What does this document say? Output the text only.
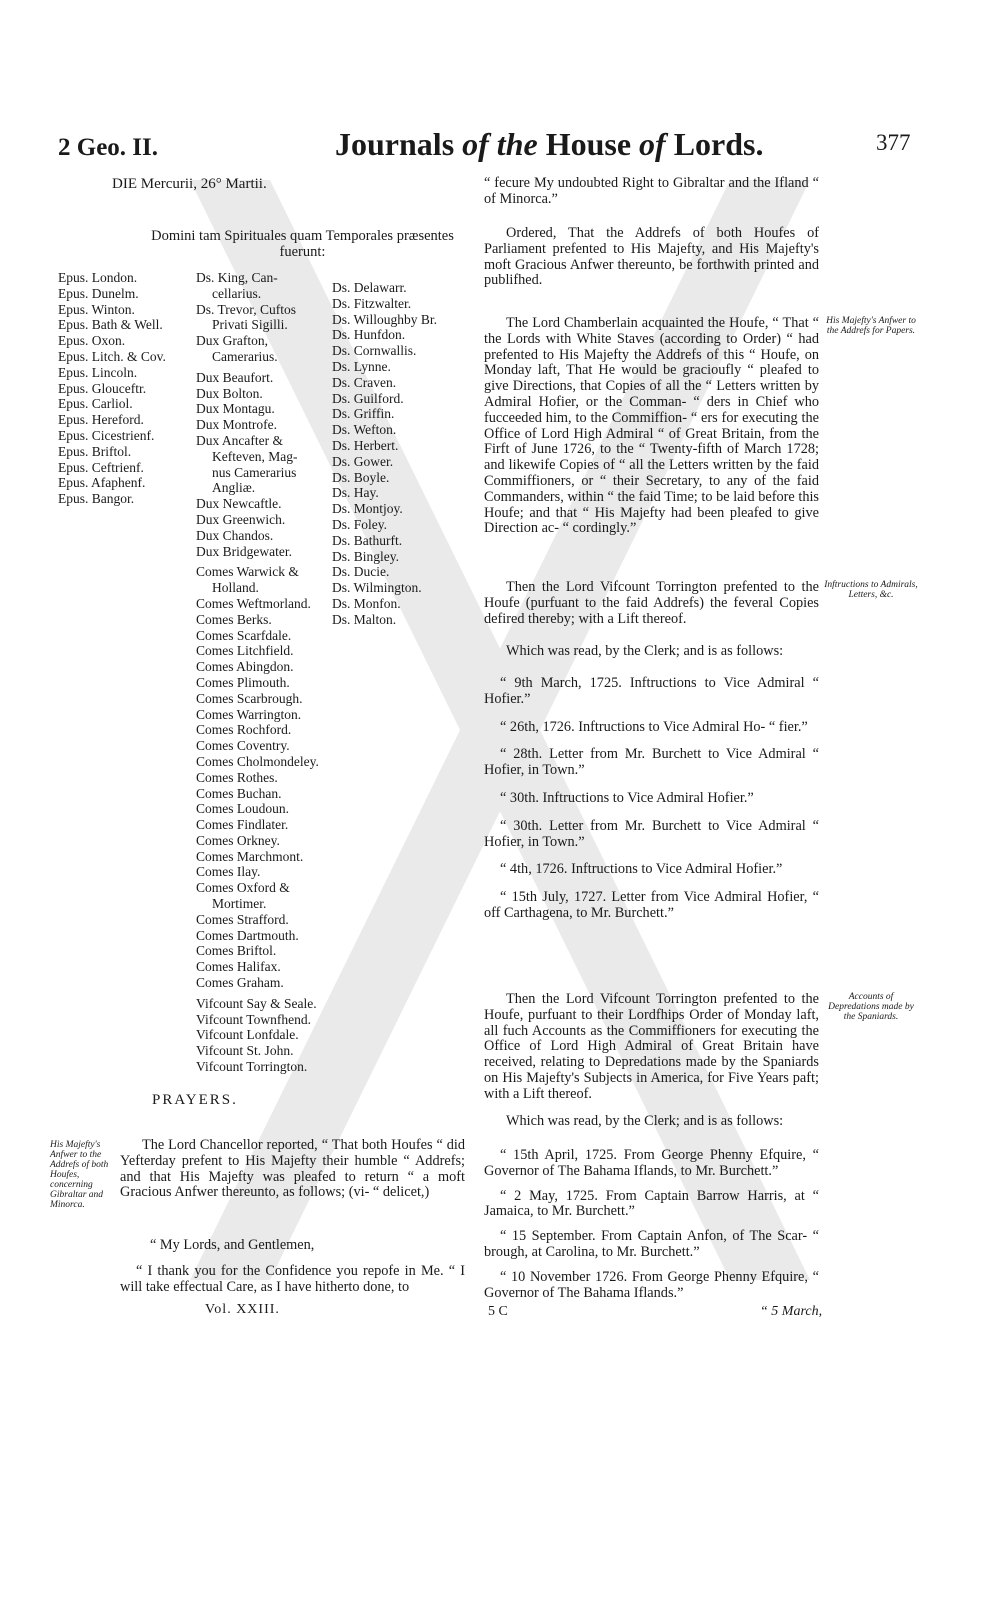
2 Geo. II.	Journals of the House of Lords.	377
DIE Mercurii, 26° Martii.
Domini tam Spirituales quam Temporales præsentes fuerunt:
Epus. London.
Epus. Dunelm.
Epus. Winton.
Epus. Bath & Well.
Epus. Oxon.
Epus. Litch. & Cov.
Epus. Lincoln.
Epus. Glouceftr.
Epus. Carliol.
Epus. Hereford.
Epus. Cicestrienf.
Epus. Briftol.
Epus. Ceftrienf.
Epus. Afaphenf.
Epus. Bangor.
Ds. King, Can-
cellarius.
Ds. Trevor, Cuftos
Privati Sigilli.
Dux Grafton,
Camerarius.
Dux Beaufort.
Dux Bolton.
Dux Montagu.
Dux Montrofe.
Dux Ancafter &
Kefteven, Mag-
nus Camerarius
Angliæ.
Dux Newcaftle.
Dux Greenwich.
Dux Chandos.
Dux Bridgewater.
Comes Warwick &
Holland.
Comes Weftmorland.
Comes Berks.
Comes Scarfdale.
Comes Litchfield.
Comes Abingdon.
Comes Plimouth.
Comes Scarbrough.
Comes Warrington.
Comes Rochford.
Comes Coventry.
Comes Cholmondeley.
Comes Rothes.
Comes Buchan.
Comes Loudoun.
Comes Findlater.
Comes Orkney.
Comes Marchmont.
Comes Ilay.
Comes Oxford &
Mortimer.
Comes Strafford.
Comes Dartmouth.
Comes Briftol.
Comes Halifax.
Comes Graham.
Vifcount Say & Seale.
Vifcount Townfhend.
Vifcount Lonfdale.
Vifcount St. John.
Vifcount Torrington.
Ds. Delawarr.
Ds. Fitzwalter.
Ds. Willoughby Br.
Ds. Hunfdon.
Ds. Cornwallis.
Ds. Lynne.
Ds. Craven.
Ds. Guilford.
Ds. Griffin.
Ds. Wefton.
Ds. Herbert.
Ds. Gower.
Ds. Boyle.
Ds. Hay.
Ds. Montjoy.
Ds. Foley.
Ds. Bathurft.
Ds. Bingley.
Ds. Ducie.
Ds. Wilmington.
Ds. Monfon.
Ds. Malton.
PRAYERS.
His Majefty's Anfwer to the Addrefs of both Houfes, concerning Gibraltar and Minorca.
The Lord Chancellor reported, “ That both Houfes “ did Yefterday prefent to His Majefty their humble “ Addrefs; and that His Majefty was pleafed to return “ a moft Gracious Anfwer thereunto, as follows; (vi- “ delicet,)
“ My Lords, and Gentlemen,
“ I thank you for the Confidence you repofe in Me. “ I will take effectual Care, as I have hitherto done, to
Vol. XXIII.
“ fecure My undoubted Right to Gibraltar and the Ifland “ of Minorca.”
Ordered, That the Addrefs of both Houfes of Parliament prefented to His Majefty, and His Majefty's moft Gracious Anfwer thereunto, be forthwith printed and publifhed.
The Lord Chamberlain acquainted the Houfe, “ That “ the Lords with White Staves (according to Order) “ had prefented to His Majefty the Addrefs of this “ Houfe, on Monday laft, That He would be gracioufly “ pleafed to give Directions, that Copies of all the “ Letters written by Admiral Hofier, or the Comman- “ ders in Chief who fucceeded him, to the Commiffion- “ ers for executing the Office of Lord High Admiral “ of Great Britain, from the Firft of June 1726, to the “ Twenty-fifth of March 1728; and likewife Copies of “ all the Letters written by the faid Commiffioners, or “ their Secretary, to any of the faid Commanders, within “ the faid Time; to be laid before this Houfe; and that “ His Majefty had been pleafed to give Direction ac- “ cordingly.”
His Majefty's Anfwer to the Addrefs for Papers.
Then the Lord Vifcount Torrington prefented to the Houfe (purfuant to the faid Addrefs) the feveral Copies defired thereby; with a Lift thereof.
Inftructions to Admirals, Letters, &c.
Which was read, by the Clerk; and is as follows:
“ 9th March, 1725. Inftructions to Vice Admiral “ Hofier.”
“ 26th, 1726. Inftructions to Vice Admiral Ho- “ fier.”
“ 28th. Letter from Mr. Burchett to Vice Admiral “ Hofier, in Town.”
“ 30th. Inftructions to Vice Admiral Hofier.”
“ 30th. Letter from Mr. Burchett to Vice Admiral “ Hofier, in Town.”
“ 4th, 1726. Inftructions to Vice Admiral Hofier.”
“ 15th July, 1727. Letter from Vice Admiral Hofier, “ off Carthagena, to Mr. Burchett.”
Then the Lord Vifcount Torrington prefented to the Houfe, purfuant to their Lordfhips Order of Monday laft, all fuch Accounts as the Commiffioners for executing the Office of Lord High Admiral of Great Britain have received, relating to Depredations made by the Spaniards on His Majefty's Subjects in America, for Five Years paft; with a Lift thereof.
Accounts of Depredations made by the Spaniards.
Which was read, by the Clerk; and is as follows:
“ 15th April, 1725. From George Phenny Efquire, “ Governor of The Bahama Iflands, to Mr. Burchett.”
“ 2 May, 1725. From Captain Barrow Harris, at “ Jamaica, to Mr. Burchett.”
“ 15 September. From Captain Anfon, of The Scar- “ brough, at Carolina, to Mr. Burchett.”
“ 10 November 1726. From George Phenny Efquire, “ Governor of The Bahama Iflands.”
5 C	“ 5 March,
